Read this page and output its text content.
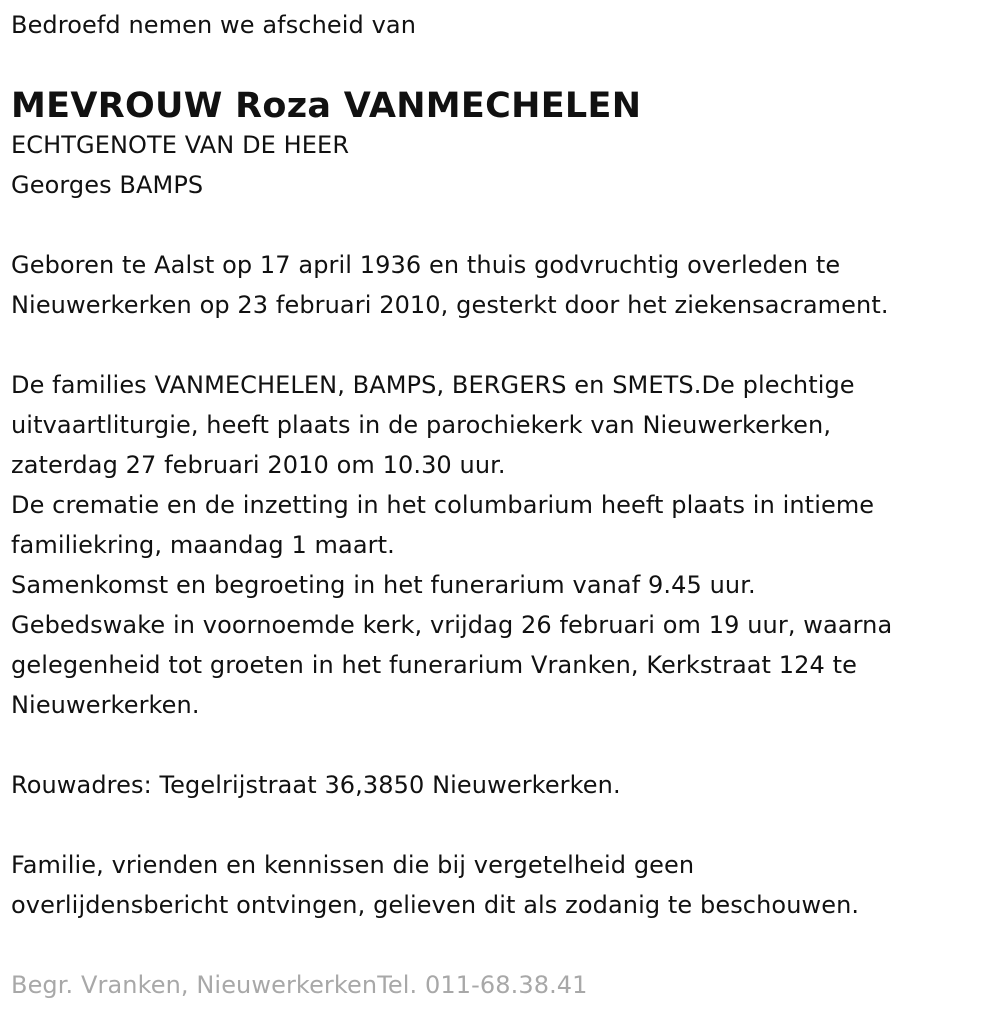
Bedroefd nemen we afscheid van
MEVROUW Roza VANMECHELEN
ECHTGENOTE VAN DE HEER
Georges BAMPS
Geboren te Aalst op 17 april 1936 en thuis godvruchtig overleden te
Nieuwerkerken op 23 februari 2010, gesterkt door het ziekensacrament.
De families VANMECHELEN, BAMPS, BERGERS en SMETS.De plechtige
uitvaartliturgie, heeft plaats in de parochiekerk van Nieuwerkerken,
zaterdag 27 februari 2010 om 10.30 uur.
De crematie en de inzetting in het columbarium heeft plaats in intieme
familiekring, maandag 1 maart.
Samenkomst en begroeting in het funerarium vanaf 9.45 uur.
Gebedswake in voornoemde kerk, vrijdag 26 februari om 19 uur, waarna
gelegenheid tot groeten in het funerarium Vranken, Kerkstraat 124 te
Nieuwerkerken.
Rouwadres: Tegelrijstraat 36,3850 Nieuwerkerken.
Familie, vrienden en kennissen die bij vergetelheid geen
overlijdensbericht ontvingen, gelieven dit als zodanig te beschouwen.
Begr. Vranken, NieuwerkerkenTel. 011-68.38.41
